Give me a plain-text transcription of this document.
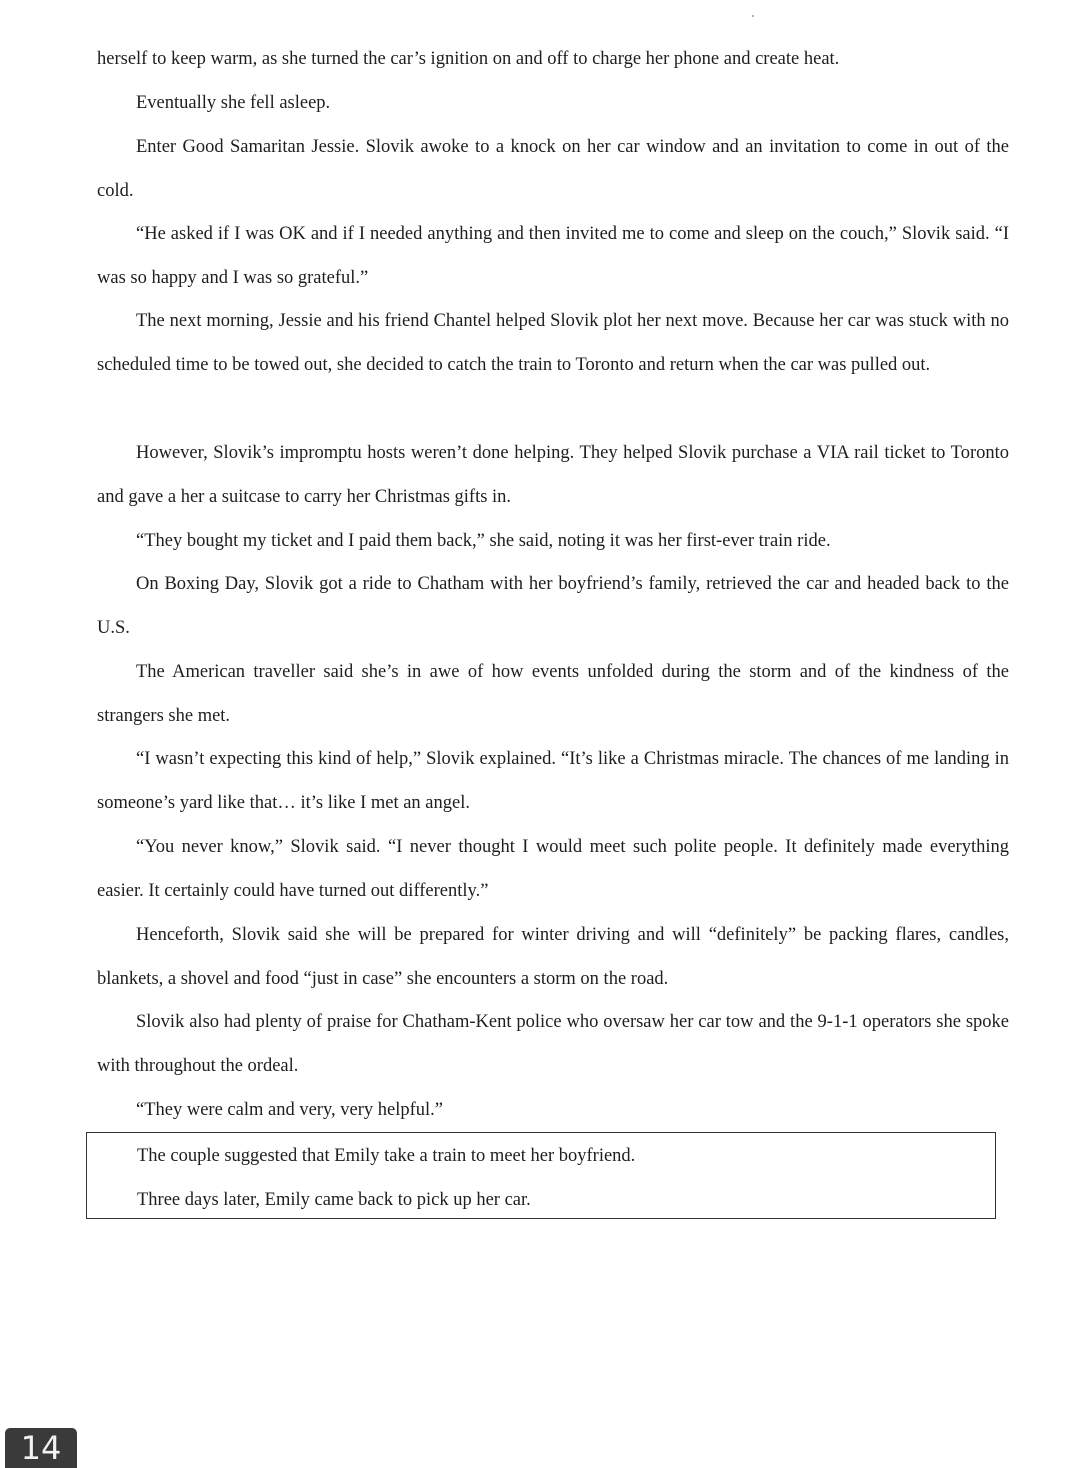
herself to keep warm, as she turned the car’s ignition on and off to charge her phone and create heat.

Eventually she fell asleep.

Enter Good Samaritan Jessie. Slovik awoke to a knock on her car window and an invitation to come in out of the cold.

“He asked if I was OK and if I needed anything and then invited me to come and sleep on the couch,” Slovik said. “I was so happy and I was so grateful.”

The next morning, Jessie and his friend Chantel helped Slovik plot her next move. Because her car was stuck with no scheduled time to be towed out, she decided to catch the train to Toronto and return when the car was pulled out.

However, Slovik’s impromptu hosts weren’t done helping. They helped Slovik purchase a VIA rail ticket to Toronto and gave a her a suitcase to carry her Christmas gifts in.

“They bought my ticket and I paid them back,” she said, noting it was her first-ever train ride.

On Boxing Day, Slovik got a ride to Chatham with her boyfriend’s family, retrieved the car and headed back to the U.S.

The American traveller said she’s in awe of how events unfolded during the storm and of the kindness of the strangers she met.

“I wasn’t expecting this kind of help,” Slovik explained. “It’s like a Christmas miracle. The chances of me landing in someone’s yard like that… it’s like I met an angel.

“You never know,” Slovik said. “I never thought I would meet such polite people. It definitely made everything easier. It certainly could have turned out differently.”

Henceforth, Slovik said she will be prepared for winter driving and will “definitely” be packing flares, candles, blankets, a shovel and food “just in case” she encounters a storm on the road.

Slovik also had plenty of praise for Chatham-Kent police who oversaw her car tow and the 9-1-1 operators she spoke with throughout the ordeal.

“They were calm and very, very helpful.”

The couple suggested that Emily take a train to meet her boyfriend.

Three days later, Emily came back to pick up her car.

14
